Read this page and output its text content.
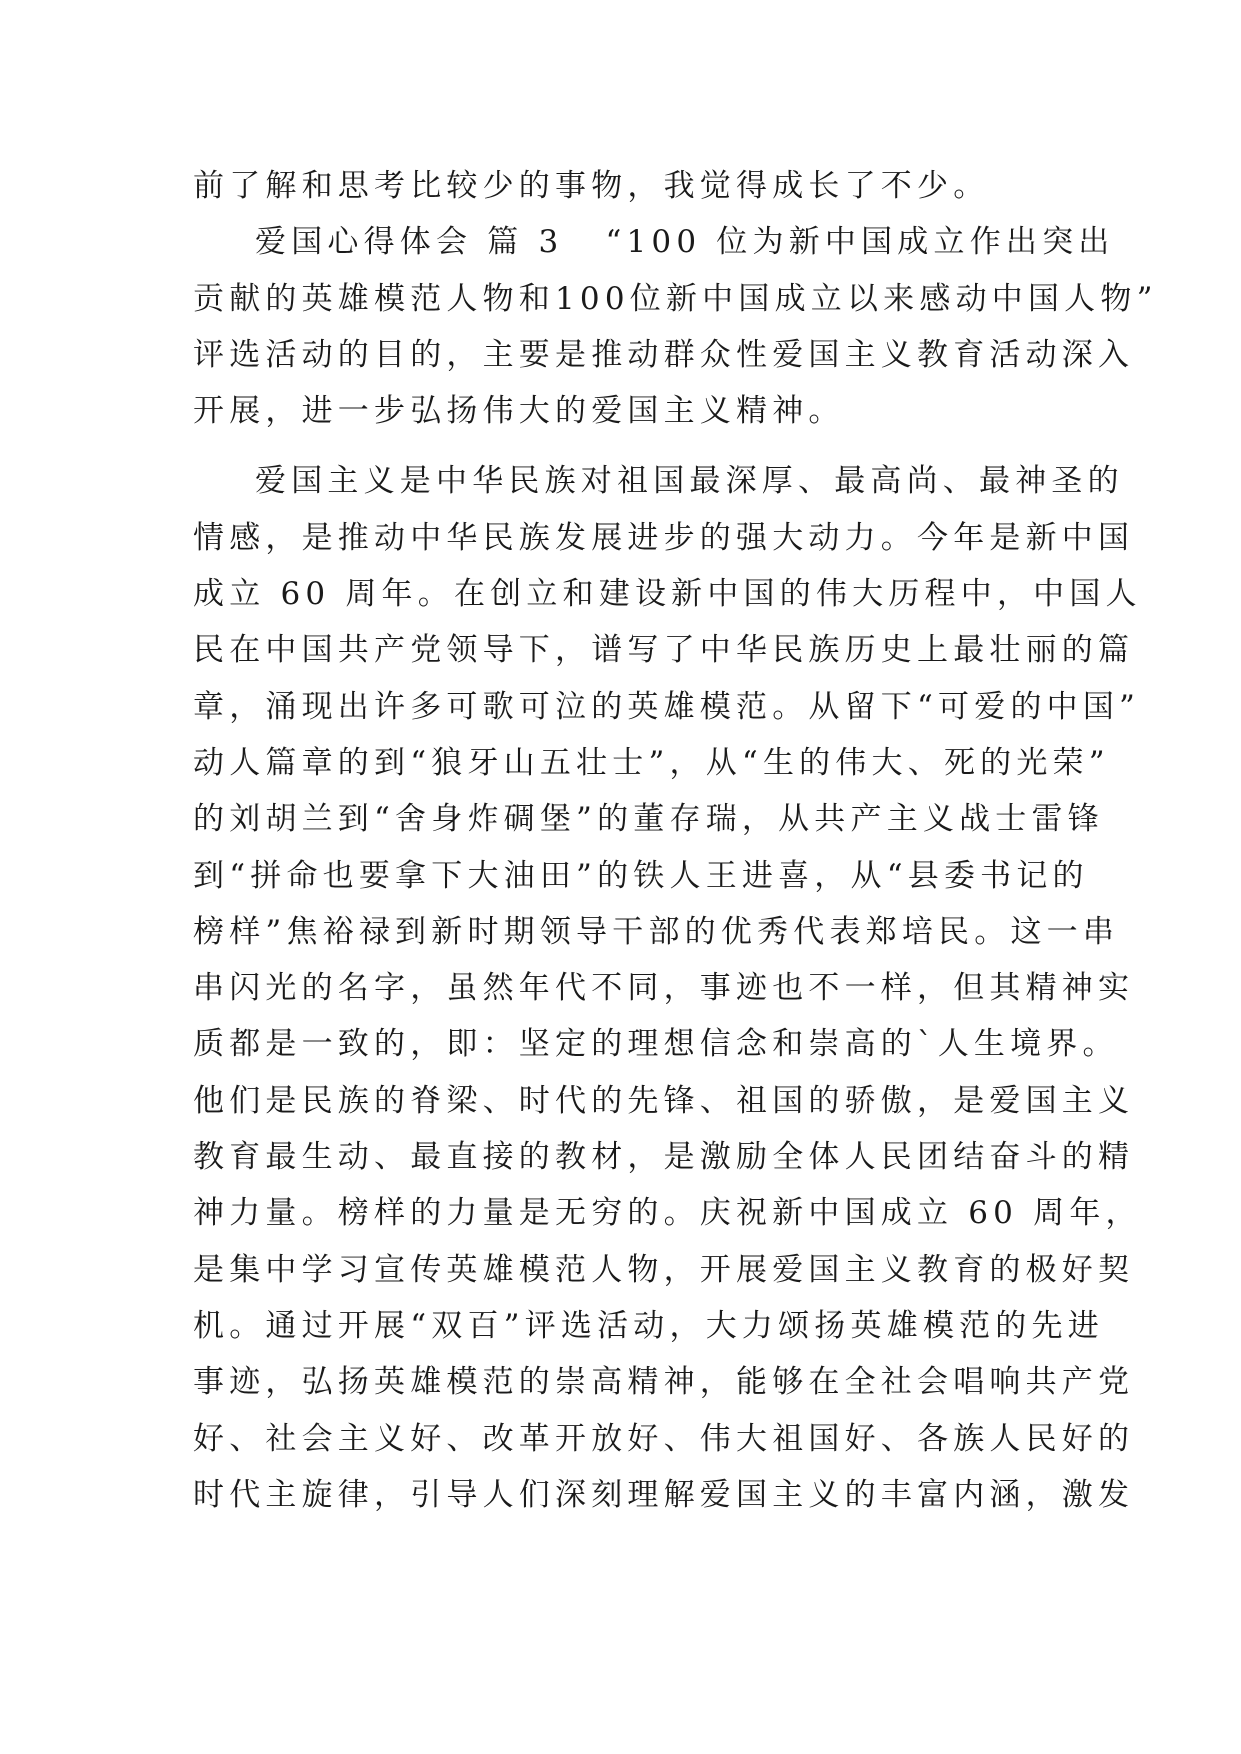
前了解和思考比较少的事物，我觉得成长了不少。
爱国心得体会 篇 3 “100 位为新中国成立作出突出
贡献的英雄模范人物和100位新中国成立以来感动中国人物”
评选活动的目的，主要是推动群众性爱国主义教育活动深入
开展，进一步弘扬伟大的爱国主义精神。
爱国主义是中华民族对祖国最深厚、最高尚、最神圣的
情感，是推动中华民族发展进步的强大动力。今年是新中国
成立 60 周年。在创立和建设新中国的伟大历程中，中国人
民在中国共产党领导下，谱写了中华民族历史上最壮丽的篇
章，涌现出许多可歌可泣的英雄模范。从留下“可爱的中国”
动人篇章的到“狼牙山五壮士”，从“生的伟大、死的光荣”
的刘胡兰到“舍身炸碉堡”的董存瑞，从共产主义战士雷锋
到“拼命也要拿下大油田”的铁人王进喜，从“县委书记的
榜样”焦裕禄到新时期领导干部的优秀代表郑培民。这一串
串闪光的名字，虽然年代不同，事迹也不一样，但其精神实
质都是一致的，即：坚定的理想信念和崇高的`人生境界。
他们是民族的脊梁、时代的先锋、祖国的骄傲，是爱国主义
教育最生动、最直接的教材，是激励全体人民团结奋斗的精
神力量。榜样的力量是无穷的。庆祝新中国成立 60 周年，
是集中学习宣传英雄模范人物，开展爱国主义教育的极好契
机。通过开展“双百”评选活动，大力颂扬英雄模范的先进
事迹，弘扬英雄模范的崇高精神，能够在全社会唱响共产党
好、社会主义好、改革开放好、伟大祖国好、各族人民好的
时代主旋律，引导人们深刻理解爱国主义的丰富内涵，激发
